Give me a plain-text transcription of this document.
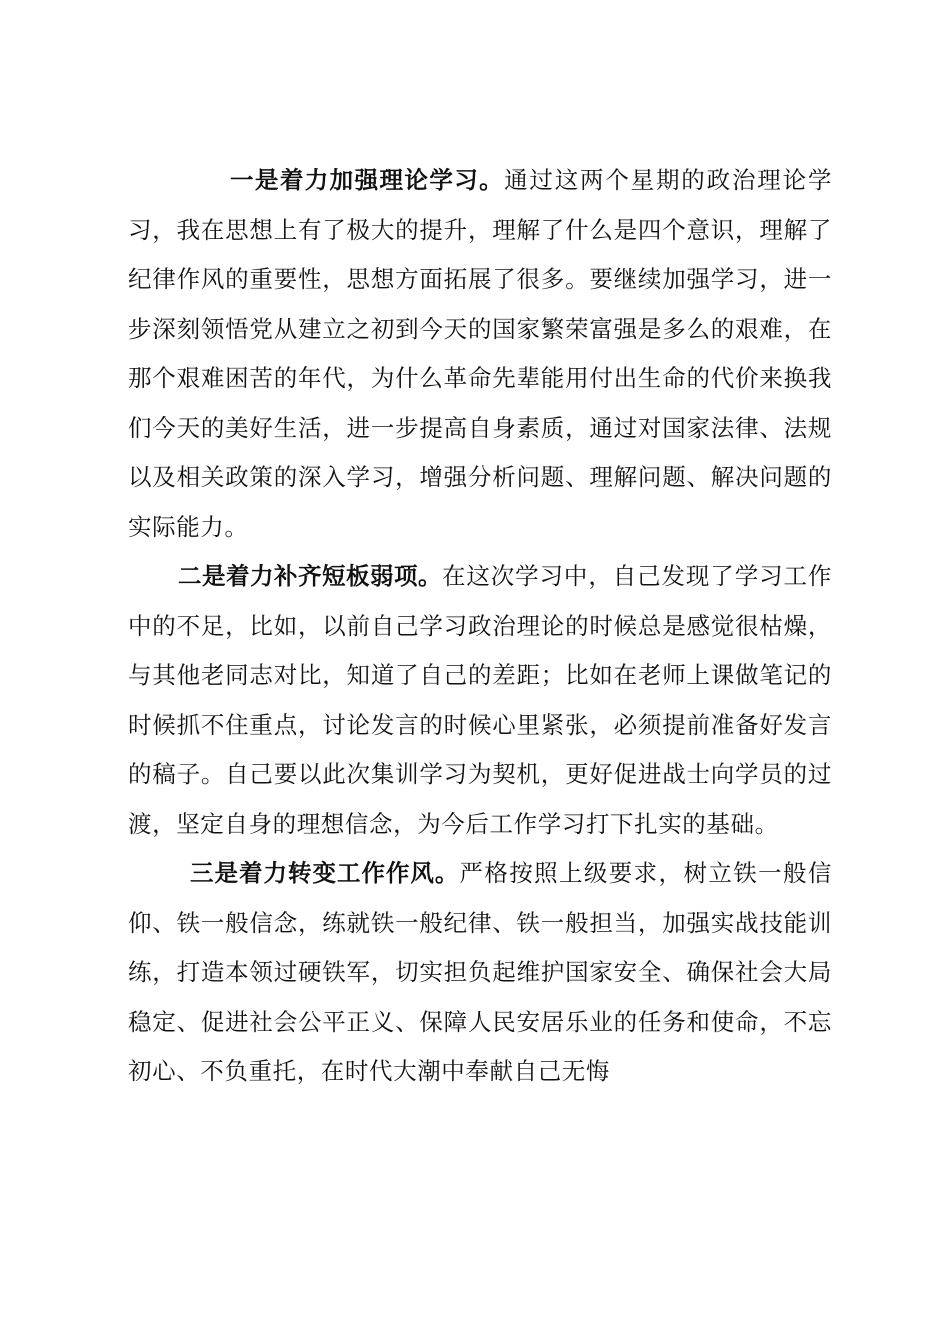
一是着力加强理论学习。通过这两个星期的政治理论学习，我在思想上有了极大的提升，理解了什么是四个意识，理解了纪律作风的重要性，思想方面拓展了很多。要继续加强学习，进一步深刻领悟党从建立之初到今天的国家繁荣富强是多么的艰难，在那个艰难困苦的年代，为什么革命先辈能用付出生命的代价来换我们今天的美好生活，进一步提高自身素质，通过对国家法律、法规以及相关政策的深入学习，增强分析问题、理解问题、解决问题的实际能力。

二是着力补齐短板弱项。在这次学习中，自己发现了学习工作中的不足，比如，以前自己学习政治理论的时候总是感觉很枯燥，与其他老同志对比，知道了自己的差距；比如在老师上课做笔记的时候抓不住重点，讨论发言的时候心里紧张，必须提前准备好发言的稿子。自己要以此次集训学习为契机，更好促进战士向学员的过渡，坚定自身的理想信念，为今后工作学习打下扎实的基础。

三是着力转变工作作风。严格按照上级要求，树立铁一般信仰、铁一般信念，练就铁一般纪律、铁一般担当，加强实战技能训练，打造本领过硬铁军，切实担负起维护国家安全、确保社会大局稳定、促进社会公平正义、保障人民安居乐业的任务和使命，不忘初心、不负重托，在时代大潮中奉献自己无悔
